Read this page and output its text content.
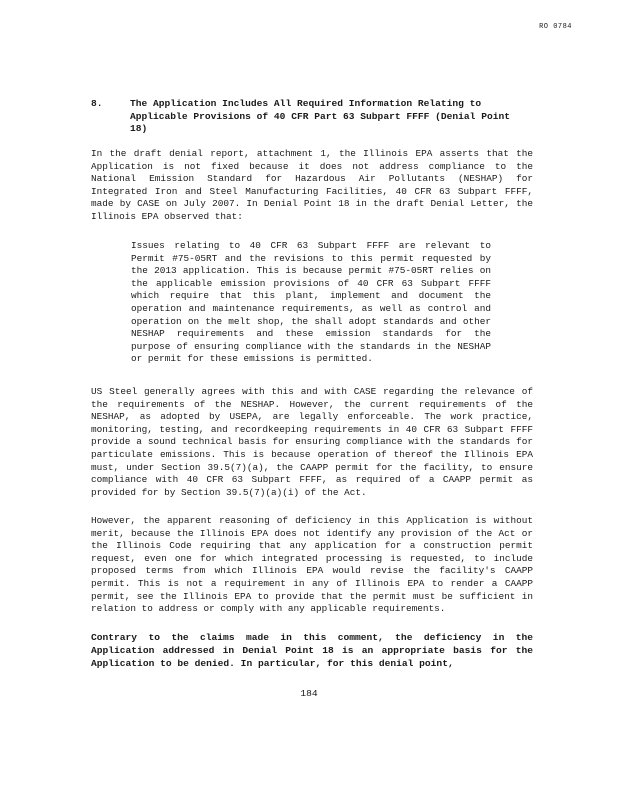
RO 0784
8.	The Application Includes All Required Information Relating to Applicable Provisions of 40 CFR Part 63 Subpart FFFF (Denial Point 18)

In the draft denial report, attachment 1, the Illinois EPA asserts that the Application is not fixed because it does not address compliance to the National Emission Standard for Hazardous Air Pollutants (NESHAP) for Integrated Iron and Steel Manufacturing Facilities, 40 CFR 63 Subpart FFFF, made by CASE on July 2007. In Denial Point 18 in the draft Denial Letter, the Illinois EPA observed that:

Issues relating to 40 CFR 63 Subpart FFFF are relevant to Permit #75-05RT and the revisions to this permit requested by the 2013 application. This is because permit #75-05RT relies on the applicable emission provisions of 40 CFR 63 Subpart FFFF which require that this plant, implement and document the operation and maintenance requirements, as well as control and operation on the melt shop, the shall adopt standards and other NESHAP requirements and these emission standards for the purpose of ensuring compliance with the standards in the NESHAP or permit for these emissions is permitted.

US Steel generally agrees with this and with CASE regarding the relevance of the requirements of the NESHAP. However, the current requirements of the NESHAP, as adopted by USEPA, are legally enforceable. The work practice, monitoring, testing, and recordkeeping requirements in 40 CFR 63 Subpart FFFF provide a sound technical basis for ensuring compliance with the standards for particulate emissions. This is because operation of thereof the Illinois EPA must, under Section 39.5(7)(a), the CAAPP permit for the facility, to ensure compliance with 40 CFR 63 Subpart FFFF, as required of a CAAPP permit as provided for by Section 39.5(7)(a)(i) of the Act.

However, the apparent reasoning of deficiency in this Application is without merit, because the Illinois EPA does not identify any provision of the Act or the Illinois Code requiring that any application for a construction permit request, even one for which integrated processing is requested, to include proposed terms from which Illinois EPA would revise the facility's CAAPP permit. This is not a requirement in any of Illinois EPA to render a CAAPP permit, see the Illinois EPA to provide that the permit must be sufficient in relation to address or comply with any applicable requirements.

Contrary to the claims made in this comment, the deficiency in the Application addressed in Denial Point 18 is an appropriate basis for the Application to be denied. In particular, for this denial point,

184
